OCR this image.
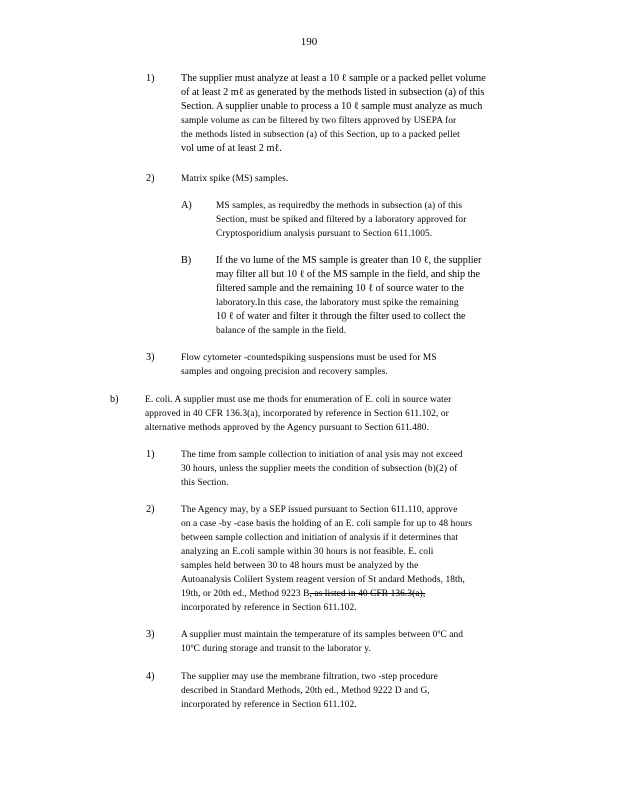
190
1)	The supplier must analyze at least a 10 ℓ sample or a packed pellet volume

of at least 2 mℓ as generated by the methods listed in subsection (a) of this

Section. A supplier unable to process a 10 ℓ sample must analyze as much

sample volume as can be filtered by two filters approved by USEPA for

the methods listed in subsection (a) of this Section, up to a packed pellet

vol ume of at least 2 mℓ.

2)	Matrix spike (MS) samples.

A)	MS samples, as requiredby the methods in subsection (a) of this

Section, must be spiked and filtered by a laboratory approved for

Cryptosporidium analysis pursuant to Section 611.1005.

B) If the vo lume of the MS sample is greater than 10 ℓ, the supplier

may filter all but 10 ℓ of the MS sample in the field, and ship the

filtered sample and the remaining 10 ℓ of source water to the

laboratory.In this case, the laboratory must spike the remaining

10 ℓ of water and filter it through the filter used to collect the

balance of the sample in the field.

3)	Flow cytometer -countedspiking suspensions must be used for MS

samples and ongoing precision and recovery samples.

b)	E. coli. A supplier must use me thods for enumeration of E. coli in source water

approved in 40 CFR 136.3(a), incorporated by reference in Section 611.102, or

alternative methods approved by the Agency pursuant to Section 611.480.

1)	The time from sample collection to initiation of anal ysis may not exceed

30 hours, unless the supplier meets the condition of subsection (b)(2) of

this Section.

2)	The Agency may, by a SEP issued pursuant to Section 611.110, approve

on a case -by -case basis the holding of an E. coli sample for up to 48 hours

between sample collection and initiation of analysis if it determines that

analyzing an E.coli sample within 30 hours is not feasible. E. coli

samples held between 30 to 48 hours must be analyzed by the

Autoanalysis Colilert System reagent version of St andard Methods, 18th,

19th, or 20th ed., Method 9223 B, as listed in 40 CFR 136.3(a),

incorporated by reference in Section 611.102.

3)	A supplier must maintain the temperature of its samples between 0ºC and

10ºC during storage and transit to the laborator y.

4)	The supplier may use the membrane filtration, two -step procedure

described in Standard Methods, 20th ed., Method 9222 D and G,

incorporated by reference in Section 611.102.
